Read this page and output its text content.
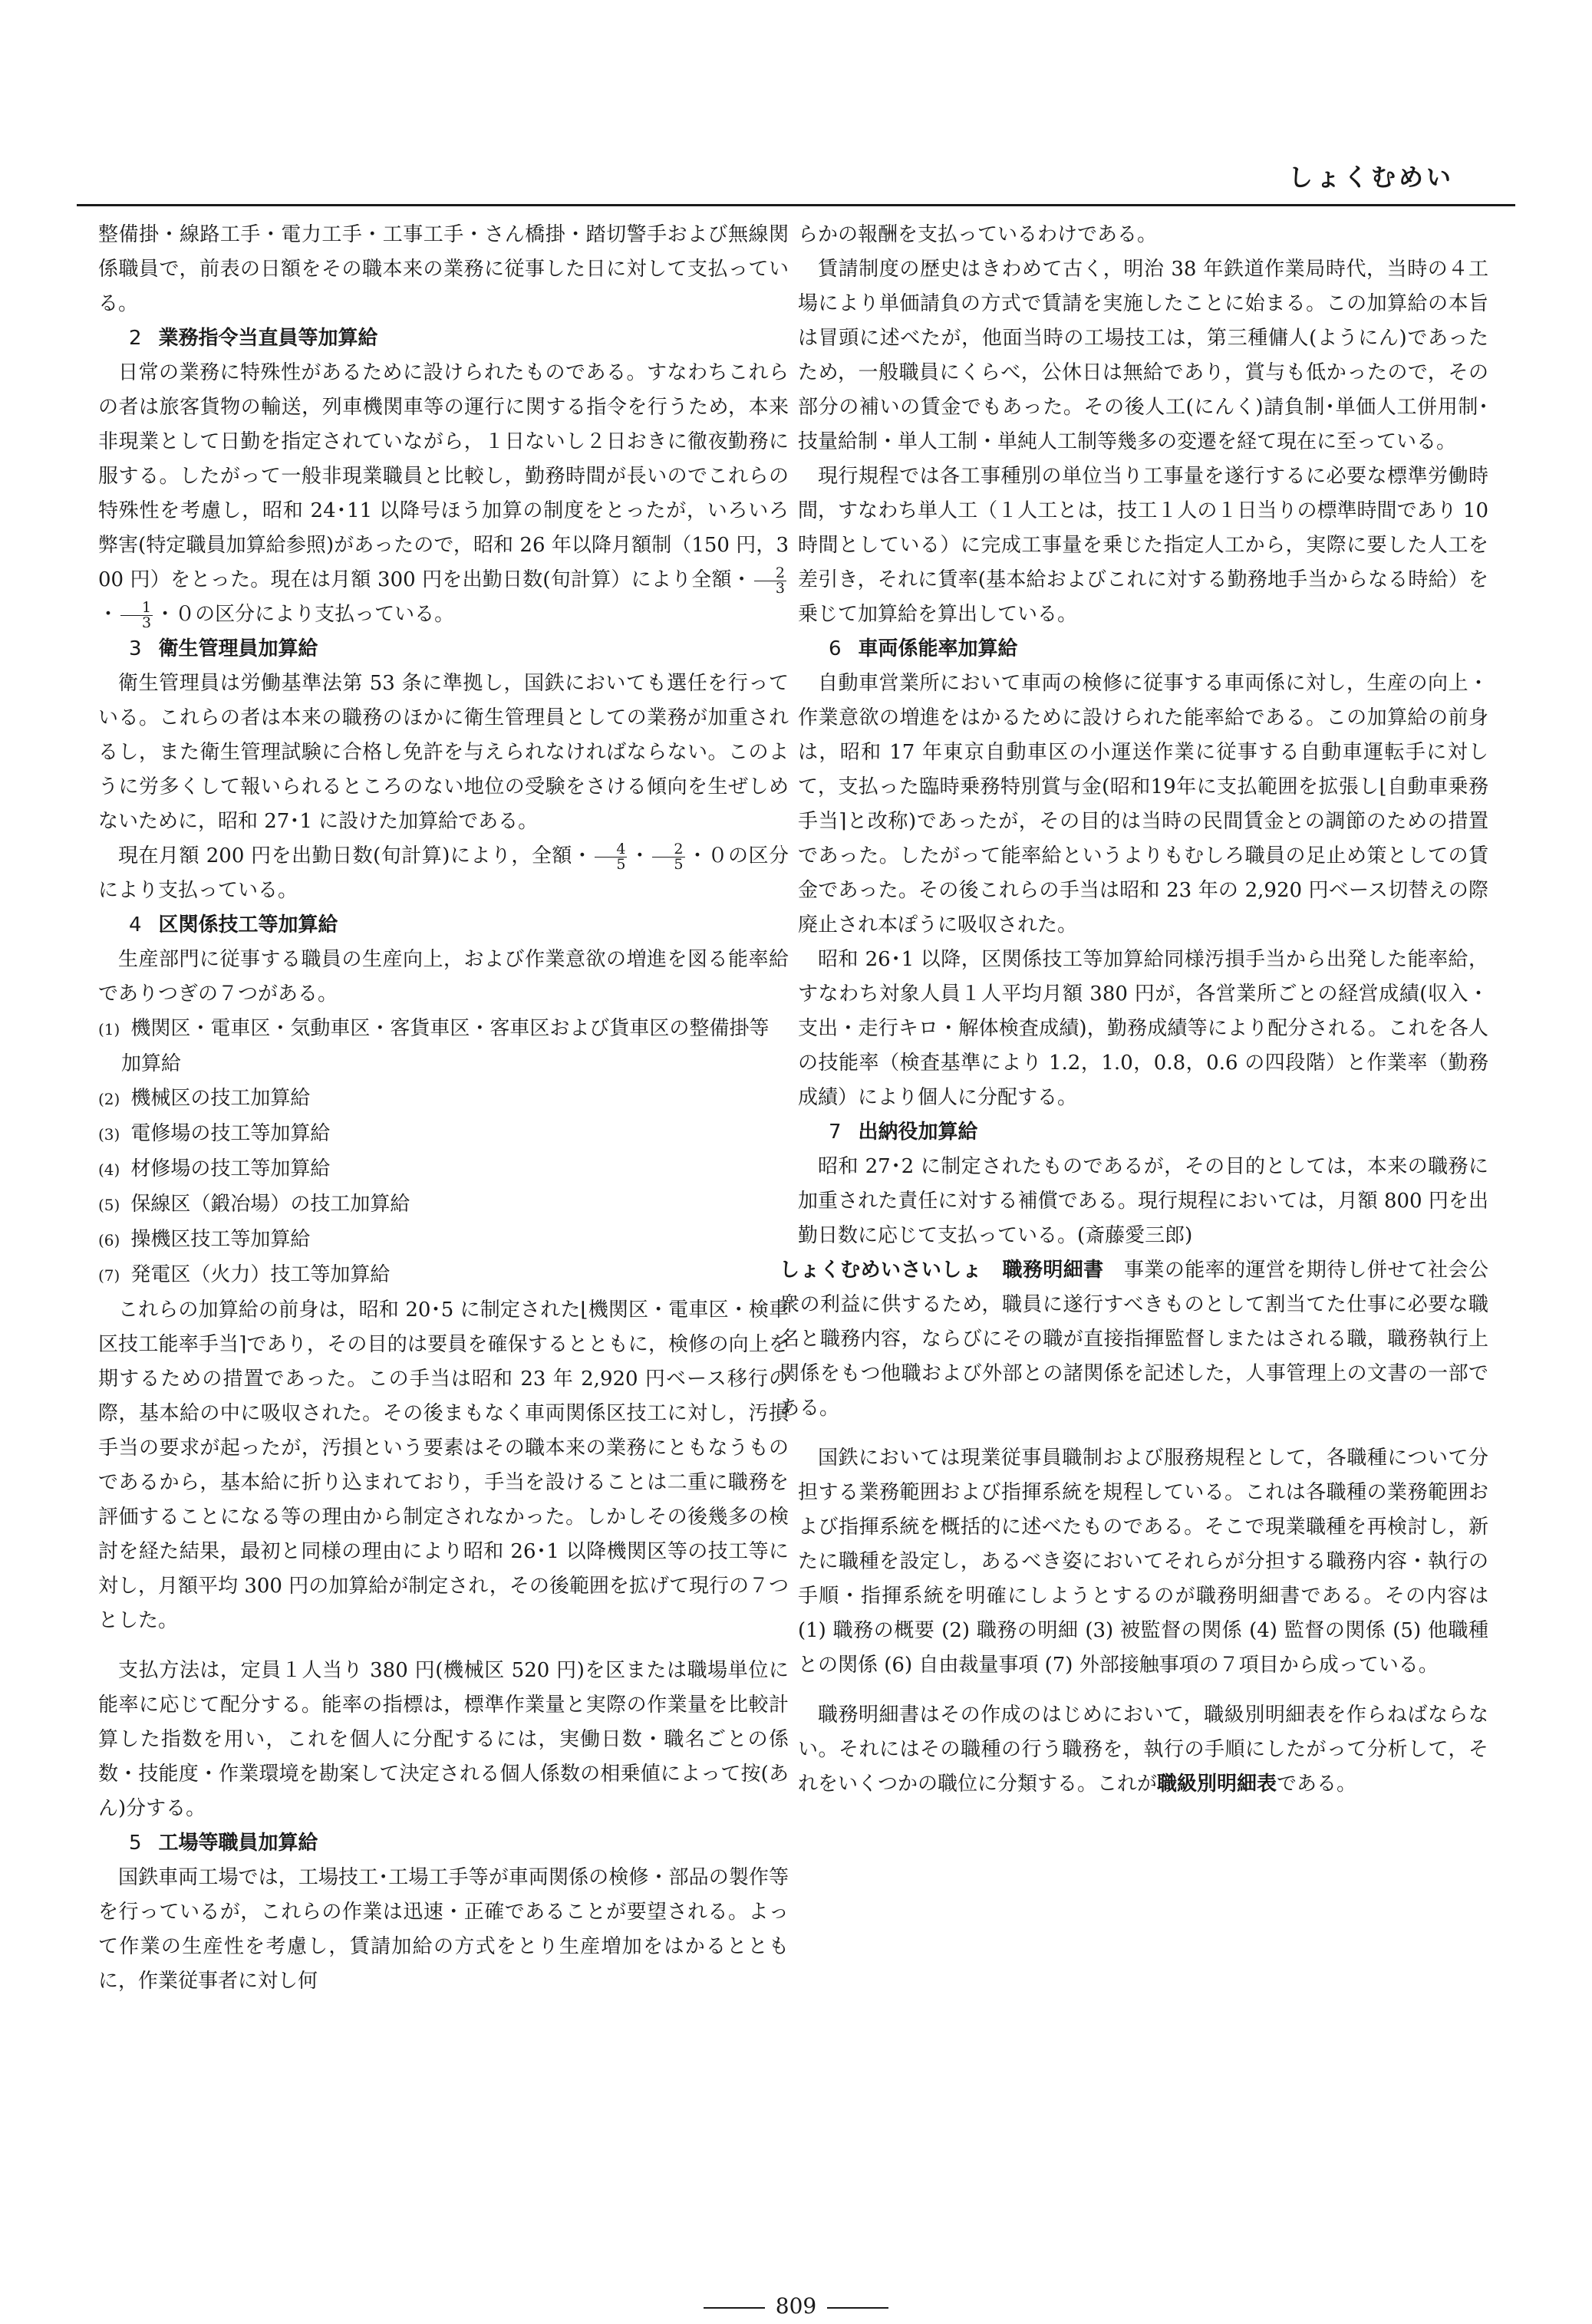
しょくむめい

整備掛・線路工手・電力工手・工事工手・さん橋掛・踏切警手および無線関係職員で，前表の日額をその職本来の業務に従事した日に対して支払っている。

2 業務指令当直員等加算給

日常の業務に特殊性があるために設けられたものである。すなわちこれらの者は旅客貨物の輸送，列車機関車等の運行に関する指令を行うため，本来非現業として日勤を指定されていながら，１日ないし２日おきに徹夜勤務に服する。したがって一般非現業職員と比較し，勤務時間が長いのでこれらの特殊性を考慮し，昭和 24･11 以降号ほう加算の制度をとったが，いろいろ弊害(特定職員加算給参照)があったので，昭和 26 年以降月額制（150 円，300 円）をとった。現在は月額 300 円を出勤日数(旬計算）により全額・ $\frac{2}{3}$
・ $\frac{1}{3}$ ・０の区分により支払っている。

3 衛生管理員加算給

衛生管理員は労働基準法第 53 条に準拠し，国鉄においても選任を行っている。これらの者は本来の職務のほかに衛生管理員としての業務が加重されるし，また衛生管理試験に合格し免許を与えられなければならない。このように労多くして報いられるところのない地位の受験をさける傾向を生ぜしめないために，昭和 27･1 に設けた加算給である。

現在月額 200 円を出勤日数(旬計算)により，全額・ $\frac{4}{5}$ ・ $\frac{2}{5}$ ・０の区分により支払っている。

4 区関係技工等加算給

生産部門に従事する職員の生産向上，および作業意欲の増進を図る能率給でありつぎの７つがある。

(1) 機関区・電車区・気動車区・客貨車区・客車区および貨車区の整備掛等加算給

(2) 機械区の技工加算給

(3) 電修場の技工等加算給

(4) 材修場の技工等加算給

(5) 保線区（鍛冶場）の技工加算給

(6) 操機区技工等加算給

(7) 発電区（火力）技工等加算給

これらの加算給の前身は，昭和 20･5 に制定された⌊機関区・電車区・検車区技工能率手当⌉であり，その目的は要員を確保するとともに，検修の向上を期するための措置であった。この手当は昭和 23 年 2,920 円ベース移行の際，基本給の中に吸収された。その後まもなく車両関係区技工に対し，汚損手当の要求が起ったが，汚損という要素はその職本来の業務にともなうものであるから，基本給に折り込まれており，手当を設けることは二重に職務を評価することになる等の理由から制定されなかった。しかしその後幾多の検討を経た結果，最初と同様の理由により昭和 26･1 以降機関区等の技工等に対し，月額平均 300 円の加算給が制定され，その後範囲を拡げて現行の７つとした。

支払方法は，定員１人当り 380 円(機械区 520 円)を区または職場単位に能率に応じて配分する。能率の指標は，標準作業量と実際の作業量を比較計算した指数を用い，これを個人に分配するには，実働日数・職名ごとの係数・技能度・作業環境を勘案して決定される個人係数の相乗値によって按(あん)分する。

5 工場等職員加算給

国鉄車両工場では，工場技工･工場工手等が車両関係の検修・部品の製作等を行っているが，これらの作業は迅速・正確であることが要望される。よって作業の生産性を考慮し，賃請加給の方式をとり生産増加をはかるとともに，作業従事者に対し何

らかの報酬を支払っているわけである。

賃請制度の歴史はきわめて古く，明治 38 年鉄道作業局時代，当時の４工場により単価請負の方式で賃請を実施したことに始まる。この加算給の本旨は冒頭に述べたが，他面当時の工場技工は，第三種傭人(ようにん)であったため，一般職員にくらべ，公休日は無給であり，賞与も低かったので，その部分の補いの賃金でもあった。その後人工(にんく)請負制･単価人工併用制･技量給制・単人工制・単純人工制等幾多の変遷を経て現在に至っている。

現行規程では各工事種別の単位当り工事量を遂行するに必要な標準労働時間，すなわち単人工（１人工とは，技工１人の１日当りの標準時間であり 10 時間としている）に完成工事量を乗じた指定人工から，実際に要した人工を差引き，それに賃率(基本給およびこれに対する勤務地手当からなる時給）を乗じて加算給を算出している。

6 車両係能率加算給

自動車営業所において車両の検修に従事する車両係に対し，生産の向上・作業意欲の増進をはかるために設けられた能率給である。この加算給の前身は，昭和 17 年東京自動車区の小運送作業に従事する自動車運転手に対して，支払った臨時乗務特別賞与金(昭和19年に支払範囲を拡張し⌊自動車乗務手当⌉と改称)であったが，その目的は当時の民間賃金との調節のための措置であった。したがって能率給というよりもむしろ職員の足止め策としての賃金であった。その後これらの手当は昭和 23 年の 2,920 円ベース切替えの際廃止され本ぽうに吸収された。

昭和 26･1 以降，区関係技工等加算給同様汚損手当から出発した能率給，すなわち対象人員１人平均月額 380 円が，各営業所ごとの経営成績(収入・支出・走行キロ・解体検査成績)，勤務成績等により配分される。これを各人の技能率（検査基準により 1.2，1.0，0.8，0.6 の四段階）と作業率（勤務成績）により個人に分配する。

7 出納役加算給

昭和 27･2 に制定されたものであるが，その目的としては，本来の職務に加重された責任に対する補償である。現行規程においては，月額 800 円を出勤日数に応じて支払っている。(斎藤愛三郎)

しょくむめいさいしょ　 職務明細書　 事業の能率的運営を期待し併せて社会公衆の利益に供するため，職員に遂行すべきものとして割当てた仕事に必要な職名と職務内容，ならびにその職が直接指揮監督しまたはされる職，職務執行上関係をもつ他職および外部との諸関係を記述した，人事管理上の文書の一部である。

国鉄においては現業従事員職制および服務規程として，各職種について分担する業務範囲および指揮系統を規程している。これは各職種の業務範囲および指揮系統を概括的に述べたものである。そこで現業職種を再検討し，新たに職種を設定し，あるべき姿においてそれらが分担する職務内容・執行の手順・指揮系統を明確にしようとするのが職務明細書である。その内容は (1) 職務の概要 (2) 職務の明細 (3) 被監督の関係 (4) 監督の関係 (5) 他職種との関係 (6) 自由裁量事項 (7) 外部接触事項の７項目から成っている。

職務明細書はその作成のはじめにおいて，職級別明細表を作らねばならない。それにはその職種の行う職務を，執行の手順にしたがって分析して，それをいくつかの職位に分類する。これが職級別明細表である。

809
